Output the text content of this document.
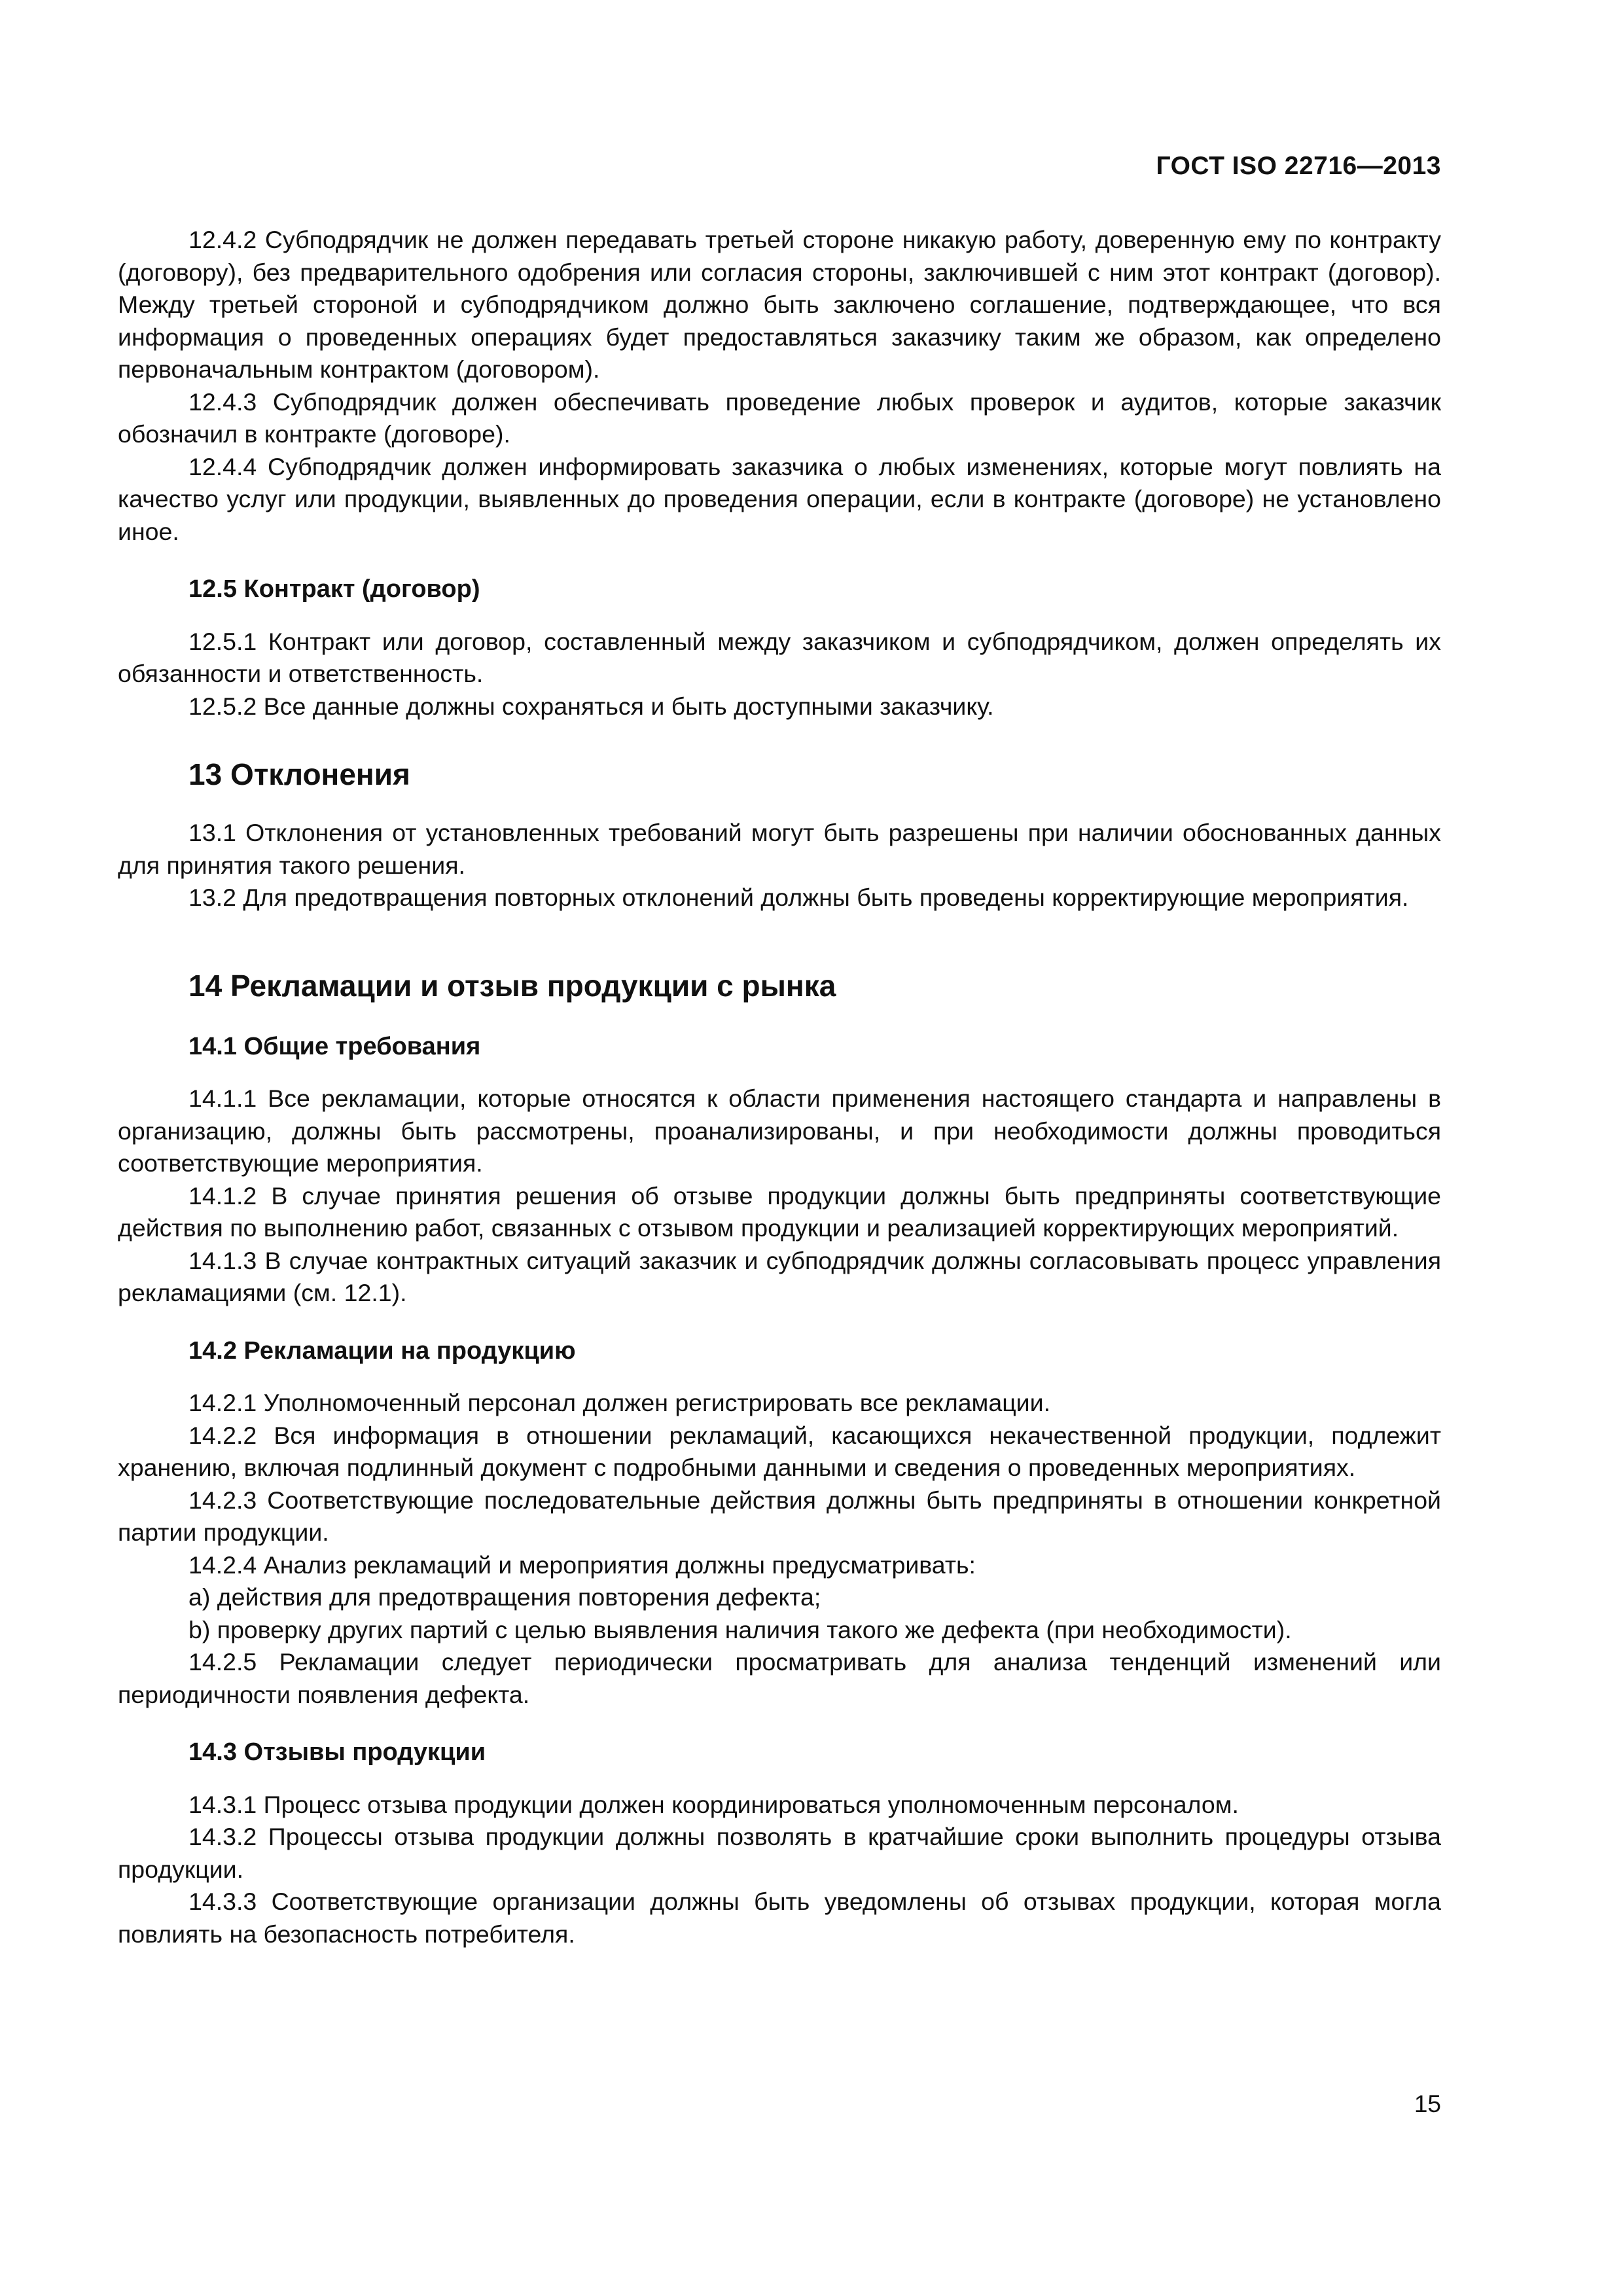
ГОСТ ISO 22716—2013

12.4.2 Субподрядчик не должен передавать третьей стороне никакую работу, доверенную ему по контракту (договору), без предварительного одобрения или согласия стороны, заключившей с ним этот контракт (договор). Между третьей стороной и субподрядчиком должно быть заключено соглашение, подтверждающее, что вся информация о проведенных операциях будет предоставляться заказчику таким же образом, как определено первоначальным контрактом (договором).

12.4.3 Субподрядчик должен обеспечивать проведение любых проверок и аудитов, которые заказчик обозначил в контракте (договоре).

12.4.4 Субподрядчик должен информировать заказчика о любых изменениях, которые могут повлиять на качество услуг или продукции, выявленных до проведения операции, если в контракте (договоре) не установлено иное.

12.5 Контракт (договор)

12.5.1 Контракт или договор, составленный между заказчиком и субподрядчиком, должен определять их обязанности и ответственность.

12.5.2 Все данные должны сохраняться и быть доступными заказчику.

13 Отклонения

13.1 Отклонения от установленных требований могут быть разрешены при наличии обоснованных данных для принятия такого решения.

13.2 Для предотвращения повторных отклонений должны быть проведены корректирующие мероприятия.

14 Рекламации и отзыв продукции с рынка
14.1 Общие требования

14.1.1 Все рекламации, которые относятся к области применения настоящего стандарта и направлены в организацию, должны быть рассмотрены, проанализированы, и при необходимости должны проводиться соответствующие мероприятия.

14.1.2 В случае принятия решения об отзыве продукции должны быть предприняты соответствующие действия по выполнению работ, связанных с отзывом продукции и реализацией корректирующих мероприятий.

14.1.3 В случае контрактных ситуаций заказчик и субподрядчик должны согласовывать процесс управления рекламациями (см. 12.1).

14.2 Рекламации на продукцию

14.2.1 Уполномоченный персонал должен регистрировать все рекламации.

14.2.2 Вся информация в отношении рекламаций, касающихся некачественной продукции, подлежит хранению, включая подлинный документ с подробными данными и сведения о проведенных мероприятиях.

14.2.3 Соответствующие последовательные действия должны быть предприняты в отношении конкретной партии продукции.

14.2.4 Анализ рекламаций и мероприятия должны предусматривать:

a) действия для предотвращения повторения дефекта;

b) проверку других партий с целью выявления наличия такого же дефекта (при необходимости).

14.2.5 Рекламации следует периодически просматривать для анализа тенденций изменений или периодичности появления дефекта.

14.3 Отзывы продукции

14.3.1 Процесс отзыва продукции должен координироваться уполномоченным персоналом.

14.3.2 Процессы отзыва продукции должны позволять в кратчайшие сроки выполнить процедуры отзыва продукции.

14.3.3 Соответствующие организации должны быть уведомлены об отзывах продукции, которая могла повлиять на безопасность потребителя.

15
